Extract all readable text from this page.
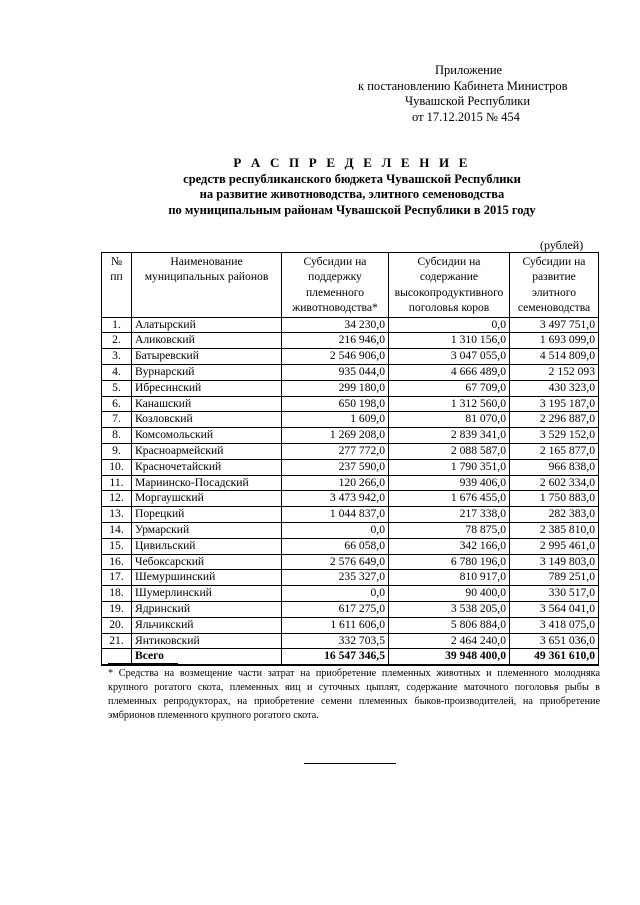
Приложение
к постановлению Кабинета Министров
Чувашской Республики
от 17.12.2015 № 454
Р А С П Р Е Д Е Л Е Н И Е
средств республиканского бюджета Чувашской Республики
на развитие животноводства, элитного семеноводства
по муниципальным районам Чувашской Республики в 2015 году
(рублей)
№ пп	Наименование муниципальных районов	Субсидии на поддержку племенного животноводства*	Субсидии на содержание высокопродуктивного поголовья коров	Субсидии на развитие элитного семеноводства
1.	Алатырский	34 230,0	0,0	3 497 751,0
2.	Аликовский	216 946,0	1 310 156,0	1 693 099,0
3.	Батыревский	2 546 906,0	3 047 055,0	4 514 809,0
4.	Вурнарский	935 044,0	4 666 489,0	2 152 093
5.	Ибресинский	299 180,0	67 709,0	430 323,0
6.	Канашский	650 198,0	1 312 560,0	3 195 187,0
7.	Козловский	1 609,0	81 070,0	2 296 887,0
8.	Комсомольский	1 269 208,0	2 839 341,0	3 529 152,0
9.	Красноармейский	277 772,0	2 088 587,0	2 165 877,0
10.	Красночетайский	237 590,0	1 790 351,0	966 838,0
11.	Мариинско-Посадский	120 266,0	939 406,0	2 602 334,0
12.	Моргаушский	3 473 942,0	1 676 455,0	1 750 883,0
13.	Порецкий	1 044 837,0	217 338,0	282 383,0
14.	Урмарский	0,0	78 875,0	2 385 810,0
15.	Цивильский	66 058,0	342 166,0	2 995 461,0
16.	Чебоксарский	2 576 649,0	6 780 196,0	3 149 803,0
17.	Шемуршинский	235 327,0	810 917,0	789 251,0
18.	Шумерлинский	0,0	90 400,0	330 517,0
19.	Ядринский	617 275,0	3 538 205,0	3 564 041,0
20.	Яльчикский	1 611 606,0	5 806 884,0	3 418 075,0
21.	Янтиковский	332 703,5	2 464 240,0	3 651 036,0
	Всего	16 547 346,5	39 948 400,0	49 361 610,0
* Средства на возмещение части затрат на приобретение племенных животных и племенного молодняка крупного рогатого скота, племенных яиц и суточных цыплят, содержание маточного поголовья рыбы в племенных репродукторах, на приобретение семени племенных быков-производителей, на приобретение эмбрионов племенного крупного рогатого скота.
